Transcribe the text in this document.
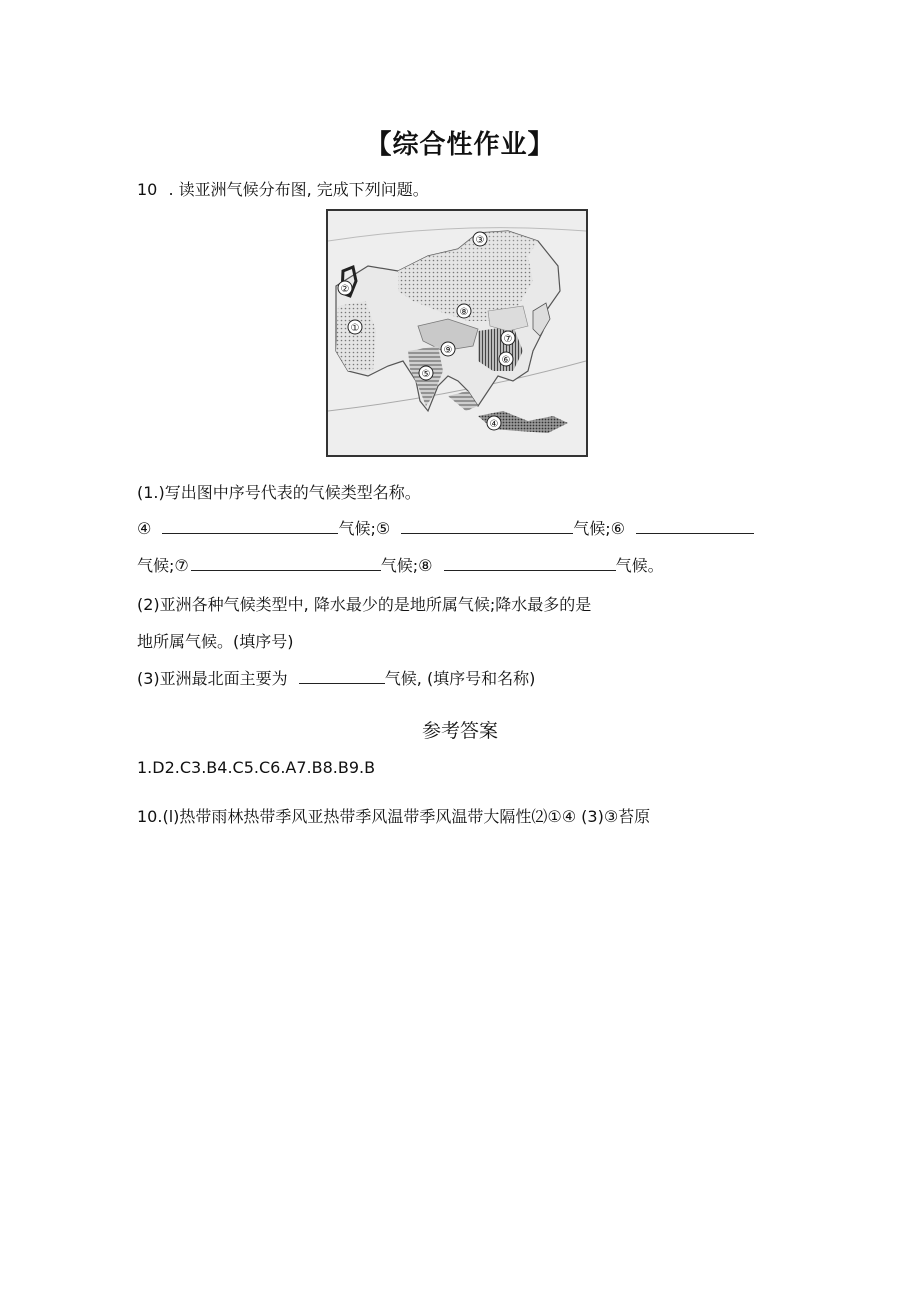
【综合性作业】
10 . 读亚洲气候分布图, 完成下列问题。
①
②
③
④
⑤
⑥
⑦
⑧
⑨
(1.)写出图中序号代表的气候类型名称。
④	气候;⑤	气候;⑥
气候;⑦	气候;⑧	气候。
(2)亚洲各种气候类型中, 降水最少的是地所属气候;降水最多的是
地所属气候。(填序号)
(3)亚洲最北面主要为	气候, (填序号和名称)
参考答案
1.D2.C3.B4.C5.C6.A7.B8.B9.B
10.(l)热带雨林热带季风亚热带季风温带季风温带大隔性⑵①④ (3)③苔原
